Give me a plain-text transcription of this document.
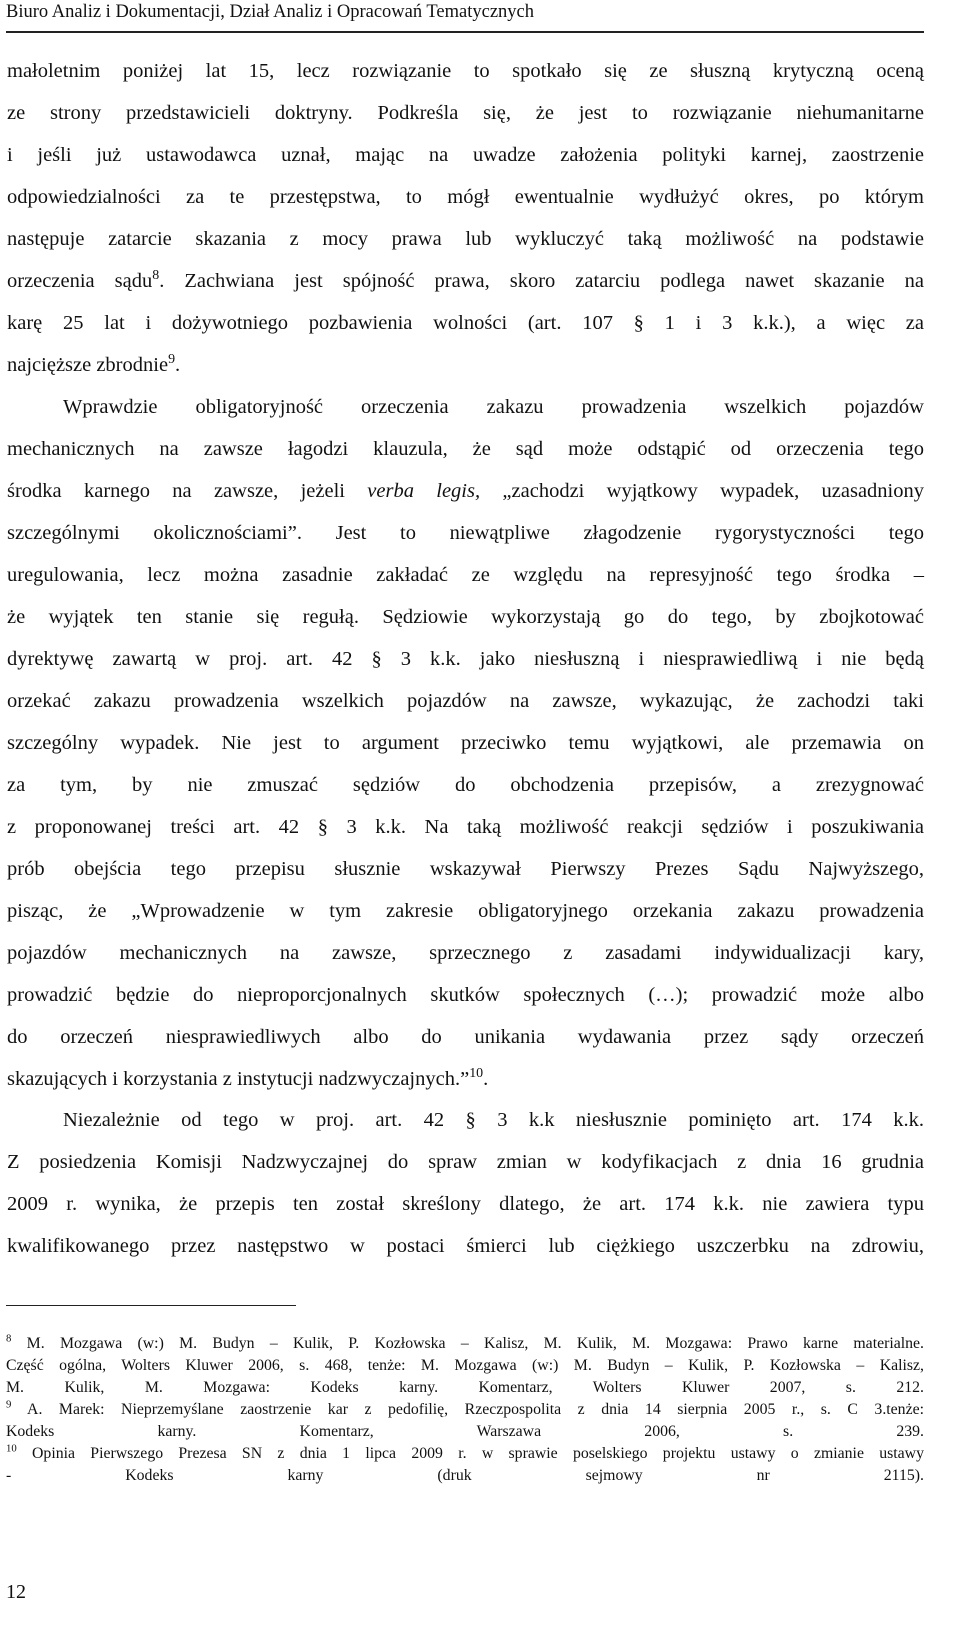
Biuro Analiz i Dokumentacji, Dział Analiz i Opracowań Tematycznych
małoletnim poniżej lat 15, lecz rozwiązanie to spotkało się ze słuszną krytyczną oceną
ze strony przedstawicieli doktryny. Podkreśla się, że jest to rozwiązanie niehumanitarne
i jeśli już ustawodawca uznał, mając na uwadze założenia polityki karnej, zaostrzenie
odpowiedzialności za te przestępstwa, to mógł ewentualnie wydłużyć okres, po którym
następuje zatarcie skazania z mocy prawa lub wykluczyć taką możliwość na podstawie
orzeczenia sądu$^8$. Zachwiana jest spójność prawa, skoro zatarciu podlega nawet skazanie na
karę 25 lat i dożywotniego pozbawienia wolności (art. 107 § 1 i 3 k.k.), a więc za
najcięższe zbrodnie$^9$.
Wprawdzie obligatoryjność orzeczenia zakazu prowadzenia wszelkich pojazdów
mechanicznych na zawsze łagodzi klauzula, że sąd może odstąpić od orzeczenia tego
środka karnego na zawsze, jeżeli verba legis, „zachodzi wyjątkowy wypadek, uzasadniony
szczególnymi okolicznościami”. Jest to niewątpliwe złagodzenie rygorystyczności tego
uregulowania, lecz można zasadnie zakładać ze względu na represyjność tego środka –
że wyjątek ten stanie się regułą. Sędziowie wykorzystają go do tego, by zbojkotować
dyrektywę zawartą w proj. art. 42 § 3 k.k. jako niesłuszną i niesprawiedliwą i nie będą
orzekać zakazu prowadzenia wszelkich pojazdów na zawsze, wykazując, że zachodzi taki
szczególny wypadek. Nie jest to argument przeciwko temu wyjątkowi, ale przemawia on
za tym, by nie zmuszać sędziów do obchodzenia przepisów, a zrezygnować
z proponowanej treści art. 42 § 3 k.k. Na taką możliwość reakcji sędziów i poszukiwania
prób obejścia tego przepisu słusznie wskazywał Pierwszy Prezes Sądu Najwyższego,
pisząc, że „Wprowadzenie w tym zakresie obligatoryjnego orzekania zakazu prowadzenia
pojazdów mechanicznych na zawsze, sprzecznego z zasadami indywidualizacji kary,
prowadzić będzie do nieproporcjonalnych skutków społecznych (…); prowadzić może albo
do orzeczeń niesprawiedliwych albo do unikania wydawania przez sądy orzeczeń
skazujących i korzystania z instytucji nadzwyczajnych.”$^{10}$.
Niezależnie od tego w proj. art. 42 § 3 k.k niesłusznie pominięto art. 174 k.k.
Z posiedzenia Komisji Nadzwyczajnej do spraw zmian w kodyfikacjach z dnia 16 grudnia
2009 r. wynika, że przepis ten został skreślony dlatego, że art. 174 k.k. nie zawiera typu
kwalifikowanego przez następstwo w postaci śmierci lub ciężkiego uszczerbku na zdrowiu,
$^8$ M. Mozgawa (w:) M. Budyn – Kulik, P. Kozłowska – Kalisz, M. Kulik, M. Mozgawa: Prawo karne materialne.
Część ogólna, Wolters Kluwer 2006, s. 468, tenże: M. Mozgawa (w:) M. Budyn – Kulik, P. Kozłowska – Kalisz,
M. Kulik, M. Mozgawa: Kodeks karny. Komentarz, Wolters Kluwer 2007, s. 212.
$^9$ A. Marek: Nieprzemyślane zaostrzenie kar z pedofilię, Rzeczpospolita z dnia 14 sierpnia 2005 r., s. C 3.tenże:
Kodeks karny. Komentarz, Warszawa 2006, s. 239.
$^{10}$ Opinia Pierwszego Prezesa SN z dnia 1 lipca 2009 r. w sprawie poselskiego projektu ustawy o zmianie ustawy
- Kodeks karny (druk sejmowy nr 2115).
12
